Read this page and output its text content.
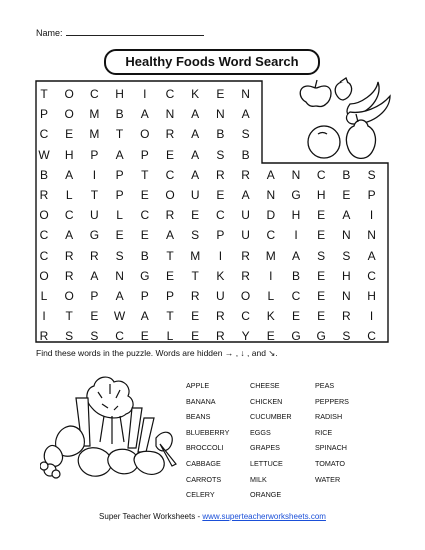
Name:
Healthy Foods Word Search
T	O	C	H	I	C	K	E	N
P	O	M	B	A	N	A	N	A
C	E	M	T	O	R	A	B	S
W	H	P	A	P	E	A	S	B
B	A	I	P	T	C	A	R	R	A	N	C	B	S
R	L	T	P	E	O	U	E	A	N	G	H	E	P
O	C	U	L	C	R	E	C	U	D	H	E	A	I
C	A	G	E	E	A	S	P	U	C	I	E	N	N
C	R	R	S	B	T	M	I	R	M	A	S	S	A
O	R	A	N	G	E	T	K	R	I	B	E	H	C
L	O	P	A	P	P	R	U	O	L	C	E	N	H
I	T	E	W	A	T	E	R	C	K	E	E	R	I
R	S	S	C	E	L	E	R	Y	E	G	G	S	C
Find these words in the puzzle. Words are hidden → , ↓ , and ↘.
APPLE
BANANA
BEANS
BLUEBERRY
BROCCOLI
CABBAGE
CARROTS
CELERY
CHEESE
CHICKEN
CUCUMBER
EGGS
GRAPES
LETTUCE
MILK
ORANGE
PEAS
PEPPERS
RADISH
RICE
SPINACH
TOMATO
WATER
Super Teacher Worksheets - www.superteacherworksheets.com
